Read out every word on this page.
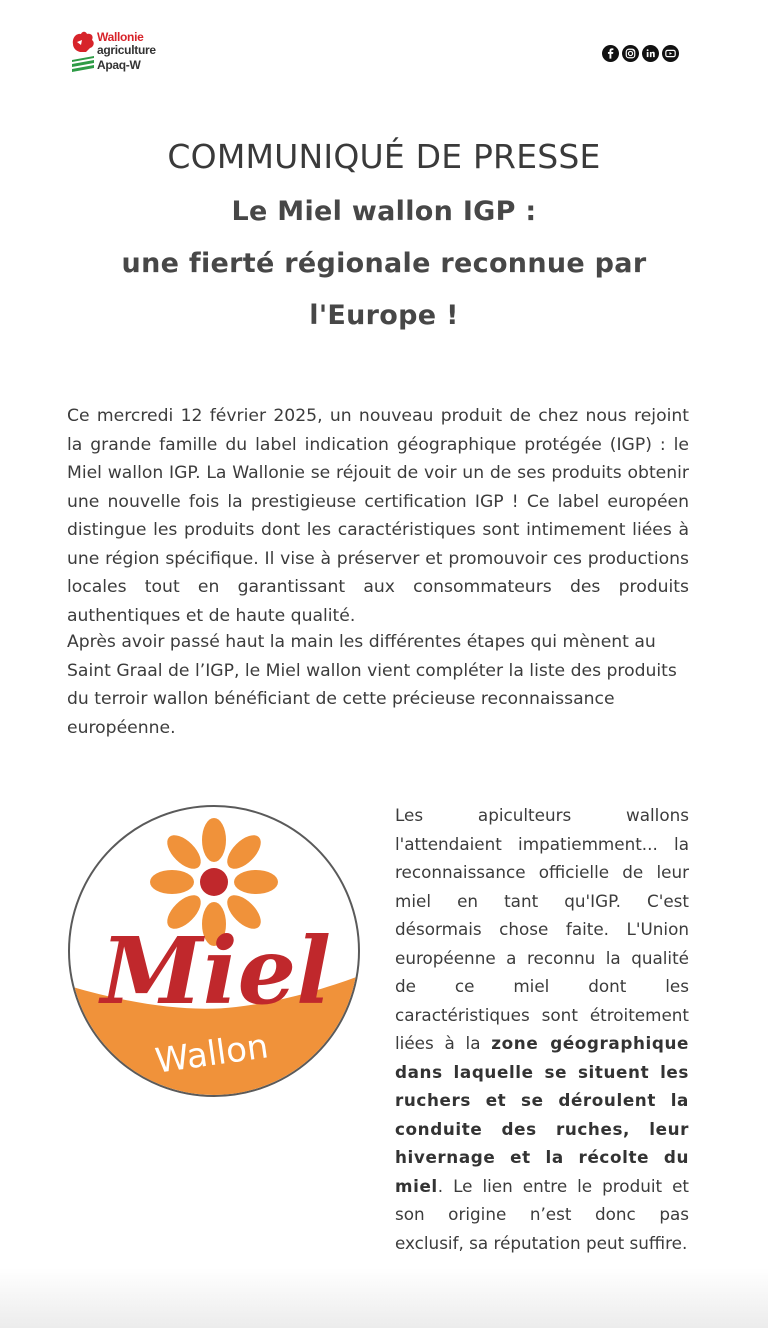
Wallonie
agriculture
Apaq-W
COMMUNIQUÉ DE PRESSE
Le Miel wallon IGP :
une fierté régionale reconnue par
l'Europe !
Ce mercredi 12 février 2025, un nouveau produit de chez nous rejoint la grande famille du label indication géographique protégée (IGP) : le Miel wallon IGP. La Wallonie se réjouit de voir un de ses produits obtenir une nouvelle fois la prestigieuse certification IGP ! Ce label européen distingue les produits dont les caractéristiques sont intimement liées à une région spécifique. Il vise à préserver et promouvoir ces productions locales tout en garantissant aux consommateurs des produits authentiques et de haute qualité.
Après avoir passé haut la main les différentes étapes qui mènent au Saint Graal de l’IGP, le Miel wallon vient compléter la liste des produits du terroir wallon bénéficiant de cette précieuse reconnaissance européenne.
Miel
Wallon
Les apiculteurs wallons l'attendaient impatiemment... la reconnaissance officielle de leur miel en tant qu'IGP. C'est désormais chose faite. L'Union européenne a reconnu la qualité de ce miel dont les caractéristiques sont étroitement liées à la zone géographique dans laquelle se situent les ruchers et se déroulent la conduite des ruches, leur hivernage et la récolte du miel. Le lien entre le produit et son origine n’est donc pas exclusif, sa réputation peut suffire.
